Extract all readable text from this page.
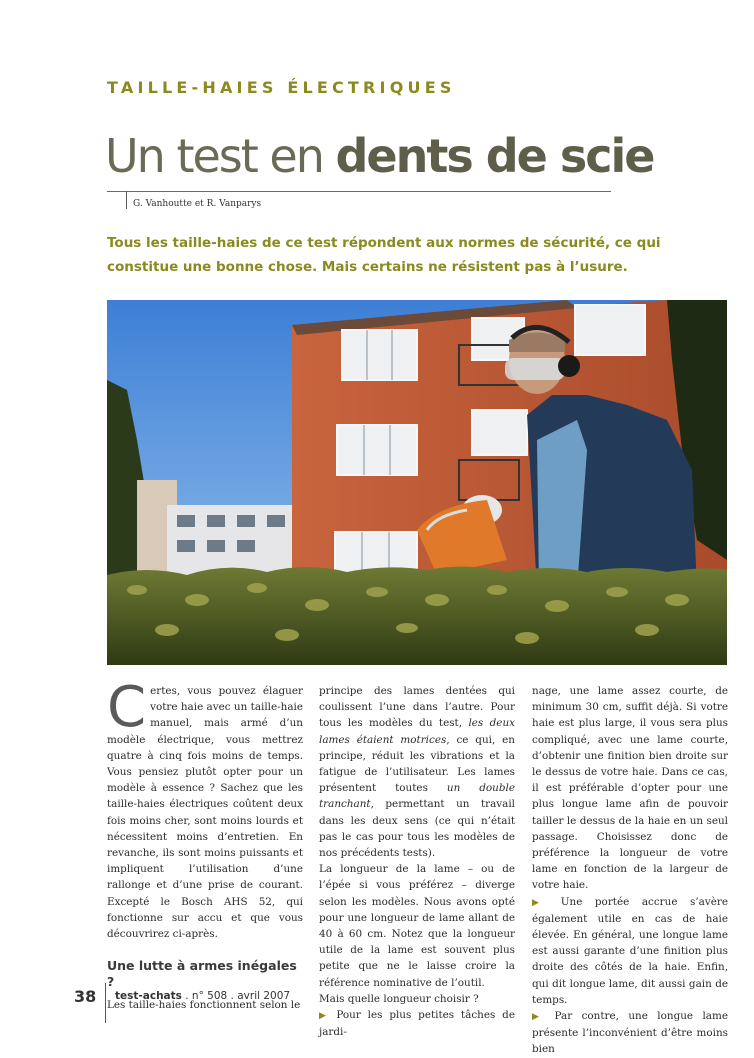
TAILLE-HAIES ÉLECTRIQUES
Un test en dents de scie
G. Vanhoutte et R. Vanparys
Tous les taille-haies de ce test répondent aux normes de sécurité, ce qui constitue une bonne chose. Mais certains ne résistent pas à l’usure.

Certes, vous pouvez élaguer votre haie avec un taille-haie manuel, mais armé d’un modèle électrique, vous mettrez quatre à cinq fois moins de temps. Vous pensiez plutôt opter pour un modèle à essence ? Sachez que les taille-haies électriques coûtent deux fois moins cher, sont moins lourds et nécessitent moins d’entretien. En revanche, ils sont moins puissants et impliquent l’utilisation d’une rallonge et d’une prise de courant. Excepté le Bosch AHS 52, qui fonctionne sur accu et que vous découvrirez ci-après.

Une lutte à armes inégales ?

Les taille-haies fonctionnent selon le

principe des lames dentées qui coulissent l’une dans l’autre. Pour tous les modèles du test, les deux lames étaient motrices, ce qui, en principe, réduit les vibrations et la fatigue de l’utilisateur. Les lames présentent toutes un double tranchant, permettant un travail dans les deux sens (ce qui n’était pas le cas pour tous les modèles de nos précédents tests).

La longueur de la lame – ou de l’épée si vous préférez – diverge selon les modèles. Nous avons opté pour une longueur de lame allant de 40 à 60 cm. Notez que la longueur utile de la lame est souvent plus petite que ne le laisse croire la référence nominative de l’outil.

Mais quelle longueur choisir ?

▶ Pour les plus petites tâches de jardi-

nage, une lame assez courte, de minimum 30 cm, suffit déjà. Si votre haie est plus large, il vous sera plus compliqué, avec une lame courte, d’obtenir une finition bien droite sur le dessus de votre haie. Dans ce cas, il est préférable d’opter pour une plus longue lame afin de pouvoir tailler le dessus de la haie en un seul passage. Choisissez donc de préférence la longueur de votre lame en fonction de la largeur de votre haie.

▶ Une portée accrue s’avère également utile en cas de haie élevée. En général, une longue lame est aussi garante d’une finition plus droite des côtés de la haie. Enfin, qui dit longue lame, dit aussi gain de temps.

▶ Par contre, une longue lame présente l’inconvénient d’être moins bien

38 test-achats . n° 508 . avril 2007
